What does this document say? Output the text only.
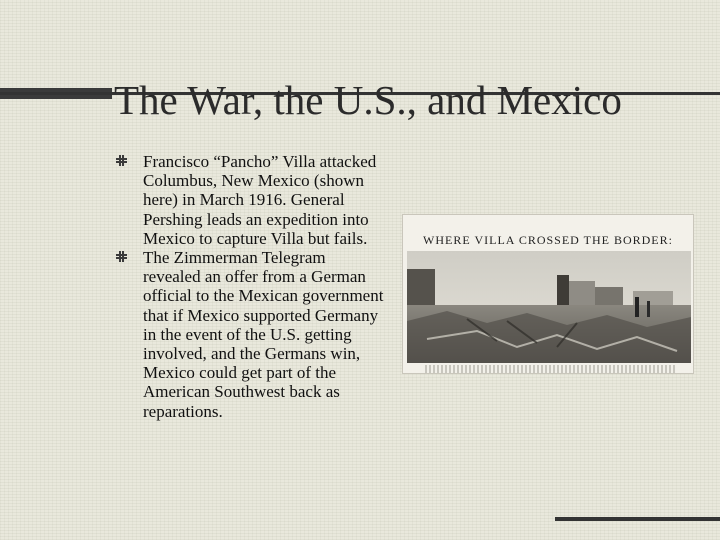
The War, the U.S., and Mexico
Francisco “Pancho” Villa attacked Columbus, New Mexico (shown here) in March 1916. General Pershing leads an expedition into Mexico to capture Villa but fails.
The Zimmerman Telegram revealed an offer from a German official to the Mexican government that if Mexico supported Germany in the event of the U.S. getting involved, and the Germans win, Mexico could get part of the American Southwest back as reparations.
WHERE VILLA CROSSED THE BORDER:
